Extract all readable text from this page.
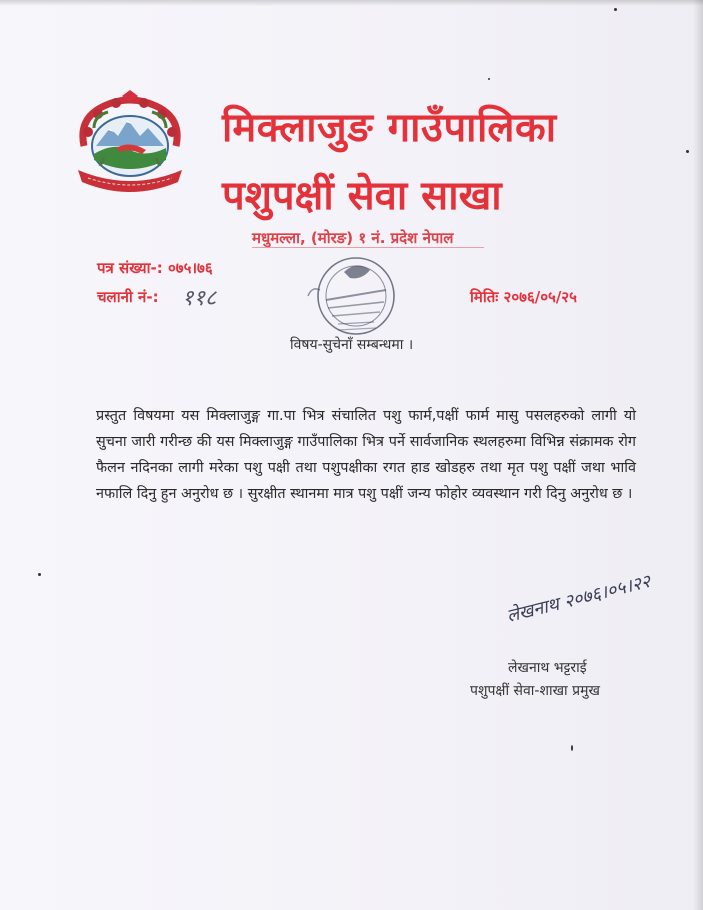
मिक्लाजुङ गाउँपालिका
पशुपक्षीं सेवा साखा
मधुमल्ला, (मोरङ) १ नं. प्रदेश नेपाल
पत्र संख्या-: ०७५।७६
चलानी नं-: ११८	मितिः २०७६/०५/२५
विषय-सुचेनाँ सम्बन्धमा ।

प्रस्तुत विषयमा यस मिक्लाजुङ्ग गा.पा भित्र संचालित पशु फार्म,पक्षीं फार्म मासु पसलहरुको लागी यो सुचना जारी गरीन्छ की यस मिक्लाजुङ्ग गाउँपालिका भित्र पर्ने सार्वजानिक स्थलहरुमा विभिन्न संक्रामक रोग फैलन नदिनका लागी मरेका पशु पक्षी तथा पशुपक्षीका रगत हाड खोडहरु तथा मृत पशु पक्षीं जथा भावि नफालि दिनु हुन अनुरोध छ । सुरक्षीत स्थानमा मात्र पशु पक्षीं जन्य फोहोर व्यवस्थान गरी दिनु अनुरोध छ ।

लेखनाथ २०७६।०५।२२
लेखनाथ भट्टराई
पशुपक्षीं सेवा-शाखा प्रमुख
